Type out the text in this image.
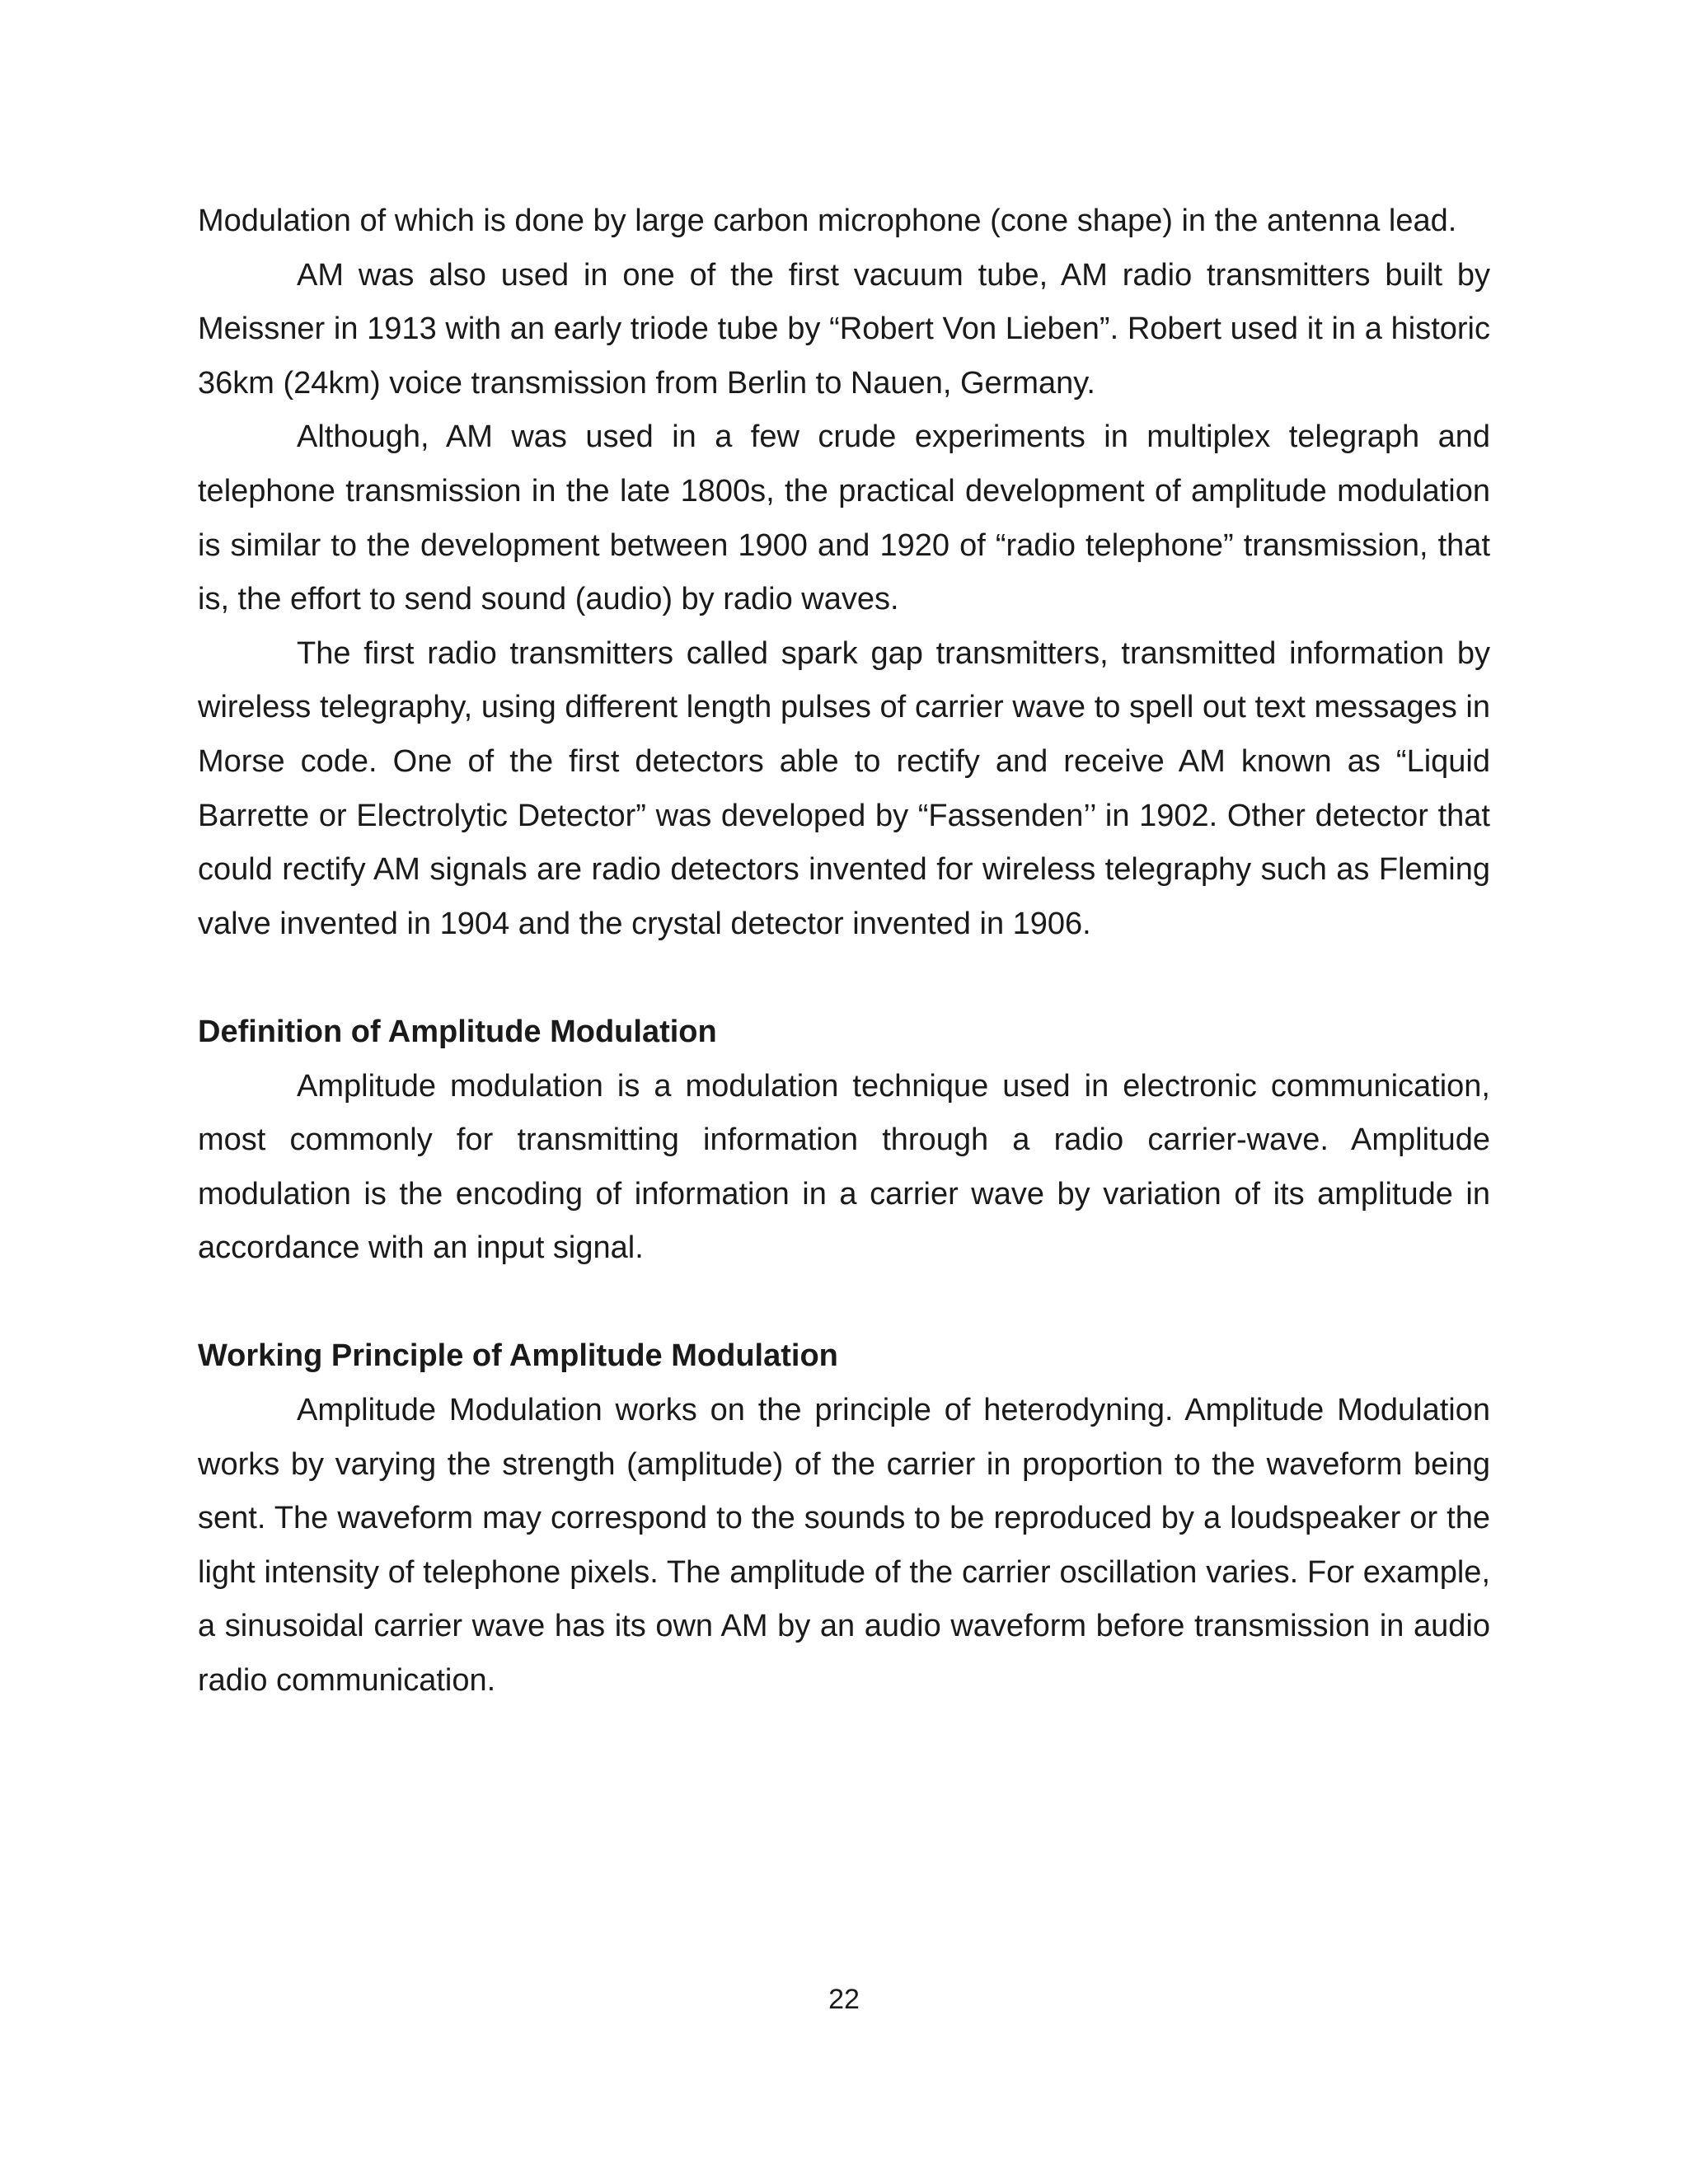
Modulation of which is done by large carbon microphone (cone shape) in the antenna lead.

AM was also used in one of the first vacuum tube, AM radio transmitters built by Meissner in 1913 with an early triode tube by “Robert Von Lieben”. Robert used it in a historic 36km (24km) voice transmission from Berlin to Nauen, Germany.

Although, AM was used in a few crude experiments in multiplex telegraph and telephone transmission in the late 1800s, the practical development of amplitude modulation is similar to the development between 1900 and 1920 of “radio telephone” transmission, that is, the effort to send sound (audio) by radio waves.

The first radio transmitters called spark gap transmitters, transmitted information by wireless telegraphy, using different length pulses of carrier wave to spell out text messages in Morse code. One of the first detectors able to rectify and receive AM known as “Liquid Barrette or Electrolytic Detector” was developed by “Fassenden’’ in 1902. Other detector that could rectify AM signals are radio detectors invented for wireless telegraphy such as Fleming valve invented in 1904 and the crystal detector invented in 1906.

Definition of Amplitude Modulation

Amplitude modulation is a modulation technique used in electronic communication, most commonly for transmitting information through a radio carrier-wave. Amplitude modulation is the encoding of information in a carrier wave by variation of its amplitude in accordance with an input signal.

Working Principle of Amplitude Modulation

Amplitude Modulation works on the principle of heterodyning. Amplitude Modulation works by varying the strength (amplitude) of the carrier in proportion to the waveform being sent. The waveform may correspond to the sounds to be reproduced by a loudspeaker or the light intensity of telephone pixels. The amplitude of the carrier oscillation varies. For example, a sinusoidal carrier wave has its own AM by an audio waveform before transmission in audio radio communication.

22
